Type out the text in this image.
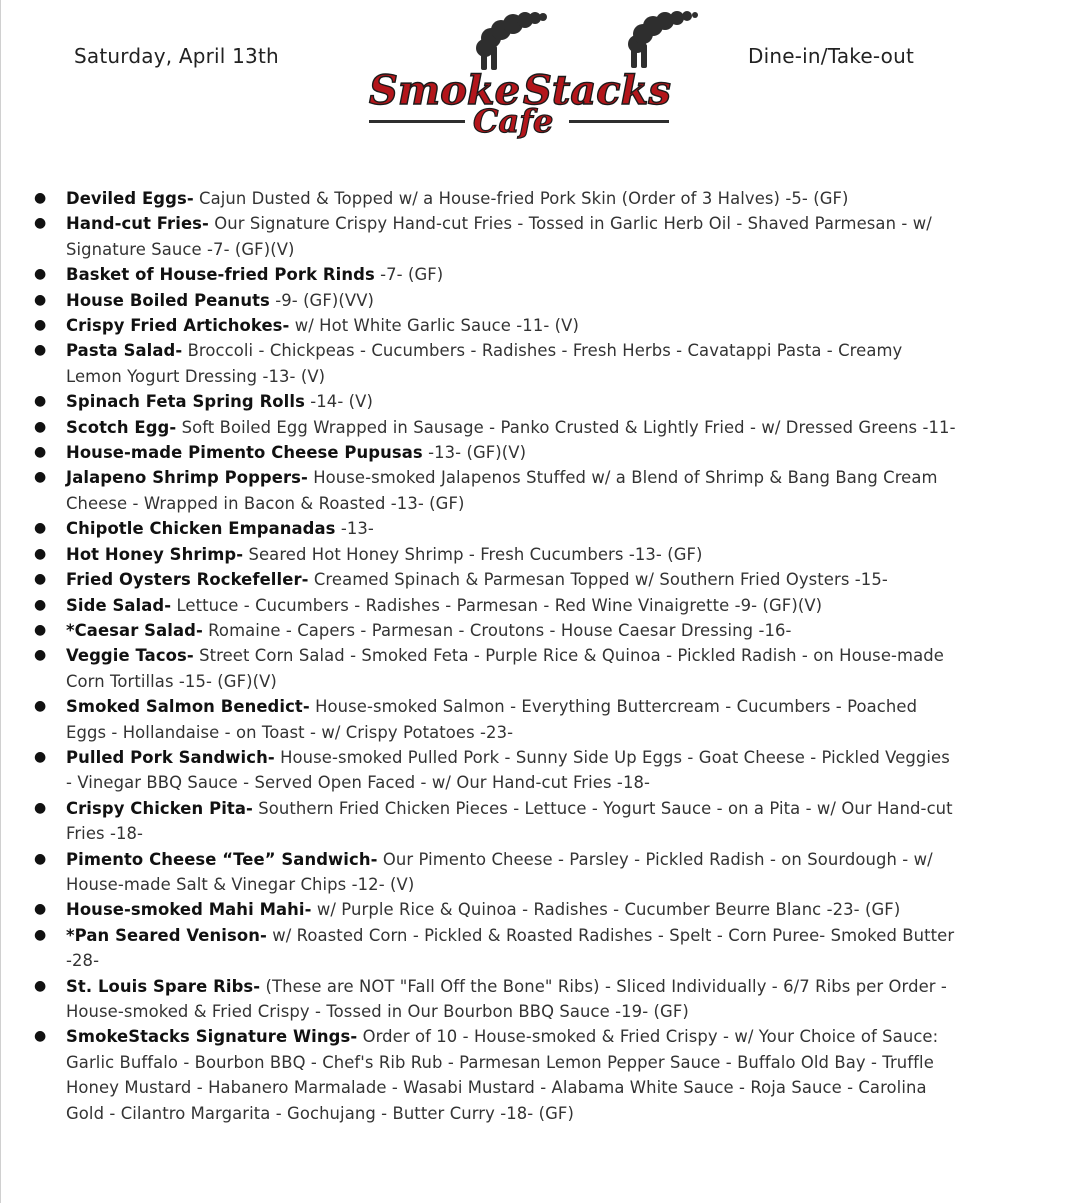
Saturday, April 13th	Dine-in/Take-out
Smoke Stacks
Cafe
● Deviled Eggs- Cajun Dusted & Topped w/ a House-fried Pork Skin (Order of 3 Halves) -5- (GF)
● Hand-cut Fries- Our Signature Crispy Hand-cut Fries - Tossed in Garlic Herb Oil - Shaved Parmesan - w/ Signature Sauce -7- (GF)(V)
● Basket of House-fried Pork Rinds -7- (GF)
● House Boiled Peanuts -9- (GF)(VV)
● Crispy Fried Artichokes- w/ Hot White Garlic Sauce -11- (V)
● Pasta Salad- Broccoli - Chickpeas - Cucumbers - Radishes - Fresh Herbs - Cavatappi Pasta - Creamy Lemon Yogurt Dressing -13- (V)
● Spinach Feta Spring Rolls -14- (V)
● Scotch Egg- Soft Boiled Egg Wrapped in Sausage - Panko Crusted & Lightly Fried - w/ Dressed Greens -11-
● House-made Pimento Cheese Pupusas -13- (GF)(V)
● Jalapeno Shrimp Poppers- House-smoked Jalapenos Stuffed w/ a Blend of Shrimp & Bang Bang Cream Cheese - Wrapped in Bacon & Roasted -13- (GF)
● Chipotle Chicken Empanadas -13-
● Hot Honey Shrimp- Seared Hot Honey Shrimp - Fresh Cucumbers -13- (GF)
● Fried Oysters Rockefeller- Creamed Spinach & Parmesan Topped w/ Southern Fried Oysters -15-
● Side Salad- Lettuce - Cucumbers - Radishes - Parmesan - Red Wine Vinaigrette -9- (GF)(V)
● *Caesar Salad- Romaine - Capers - Parmesan - Croutons - House Caesar Dressing -16-
● Veggie Tacos- Street Corn Salad - Smoked Feta - Purple Rice & Quinoa - Pickled Radish - on House-made Corn Tortillas -15- (GF)(V)
● Smoked Salmon Benedict- House-smoked Salmon - Everything Buttercream - Cucumbers - Poached Eggs - Hollandaise - on Toast - w/ Crispy Potatoes -23-
● Pulled Pork Sandwich- House-smoked Pulled Pork - Sunny Side Up Eggs - Goat Cheese - Pickled Veggies - Vinegar BBQ Sauce - Served Open Faced - w/ Our Hand-cut Fries -18-
● Crispy Chicken Pita- Southern Fried Chicken Pieces - Lettuce - Yogurt Sauce - on a Pita - w/ Our Hand-cut Fries -18-
● Pimento Cheese “Tee” Sandwich- Our Pimento Cheese - Parsley - Pickled Radish - on Sourdough - w/ House-made Salt & Vinegar Chips -12- (V)
● House-smoked Mahi Mahi- w/ Purple Rice & Quinoa - Radishes - Cucumber Beurre Blanc -23- (GF)
● *Pan Seared Venison- w/ Roasted Corn - Pickled & Roasted Radishes - Spelt - Corn Puree- Smoked Butter -28-
● St. Louis Spare Ribs- (These are NOT "Fall Off the Bone" Ribs) - Sliced Individually - 6/7 Ribs per Order - House-smoked & Fried Crispy - Tossed in Our Bourbon BBQ Sauce -19- (GF)
● SmokeStacks Signature Wings- Order of 10 - House-smoked & Fried Crispy - w/ Your Choice of Sauce: Garlic Buffalo - Bourbon BBQ - Chef's Rib Rub - Parmesan Lemon Pepper Sauce - Buffalo Old Bay - Truffle Honey Mustard - Habanero Marmalade - Wasabi Mustard - Alabama White Sauce - Roja Sauce - Carolina Gold - Cilantro Margarita - Gochujang - Butter Curry -18- (GF)
